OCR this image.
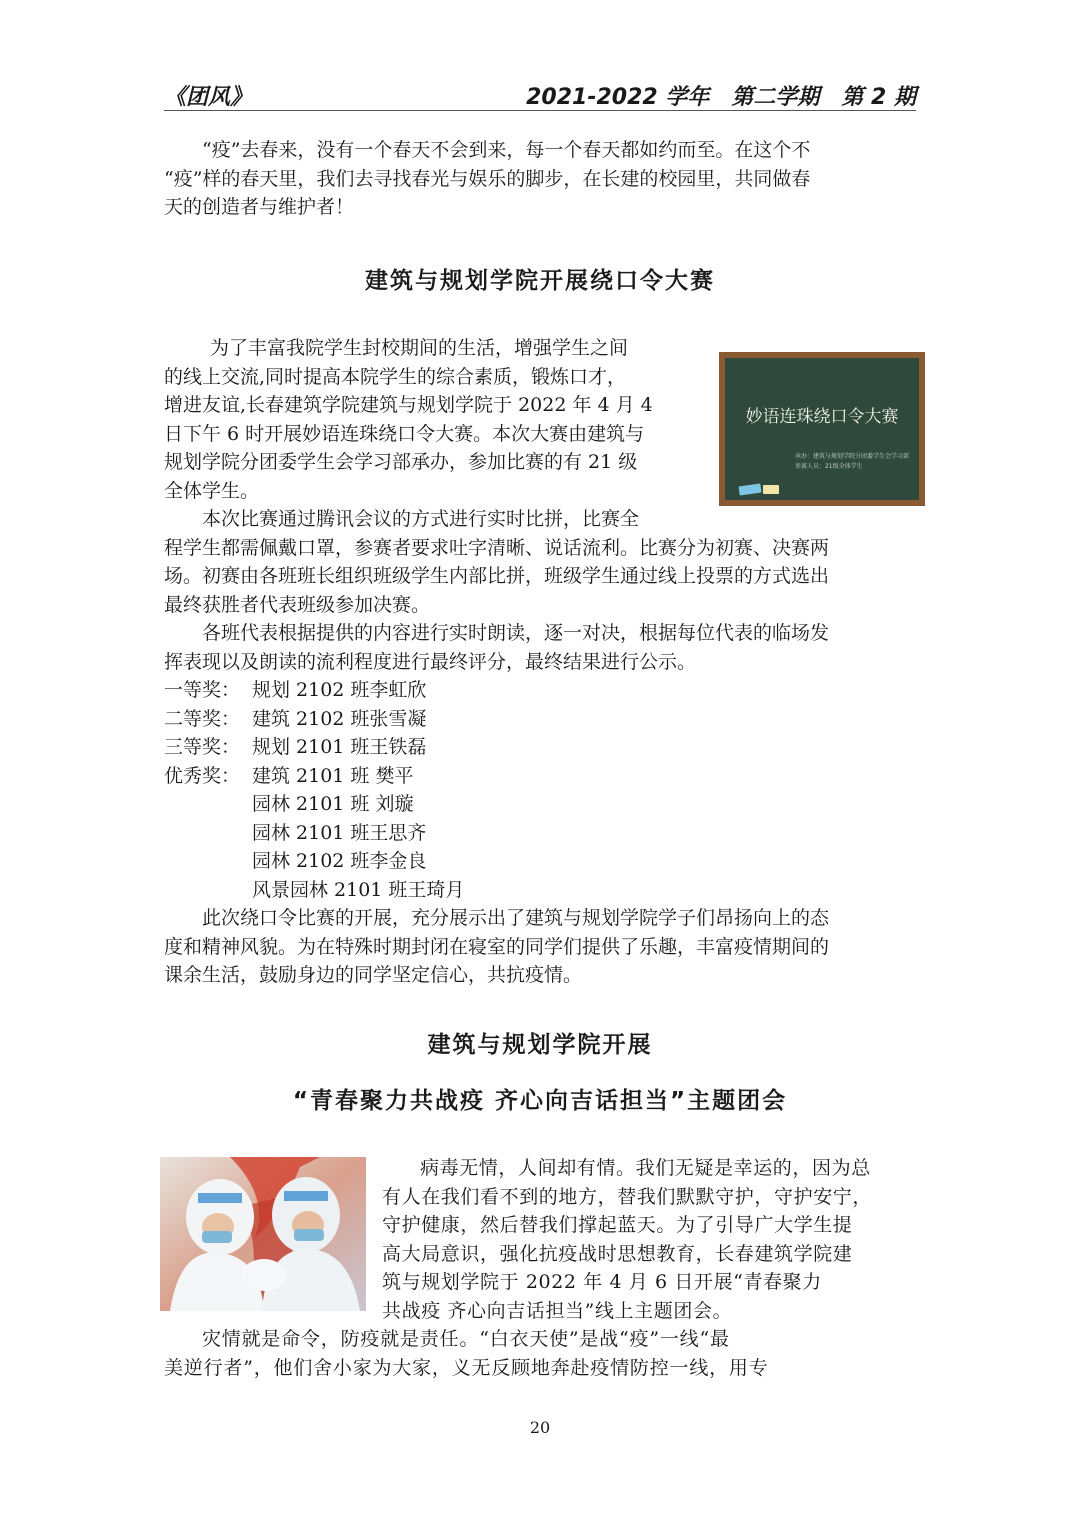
《团风》	2021-2022 学年　第二学期　第 2 期

“疫”去春来，没有一个春天不会到来，每一个春天都如约而至。在这个不

“疫”样的春天里，我们去寻找春光与娱乐的脚步，在长建的校园里，共同做春

天的创造者与维护者！

建筑与规划学院开展绕口令大赛

为了丰富我院学生封校期间的生活，增强学生之间

的线上交流,同时提高本院学生的综合素质，锻炼口才，

增进友谊,长春建筑学院建筑与规划学院于 2022 年 4 月 4

日下午 6 时开展妙语连珠绕口令大赛。本次大赛由建筑与

规划学院分团委学生会学习部承办，参加比赛的有 21 级

全体学生。

妙语连珠绕口令大赛
承办：建筑与规划学院分团委学生会学习部
参赛人员：21级全体学生

本次比赛通过腾讯会议的方式进行实时比拼，比赛全

程学生都需佩戴口罩，参赛者要求吐字清晰、说话流利。比赛分为初赛、决赛两

场。初赛由各班班长组织班级学生内部比拼，班级学生通过线上投票的方式选出

最终获胜者代表班级参加决赛。

各班代表根据提供的内容进行实时朗读，逐一对决，根据每位代表的临场发

挥表现以及朗读的流利程度进行最终评分，最终结果进行公示。

一等奖： 规划 2102 班李虹欣
二等奖： 建筑 2102 班张雪凝
三等奖： 规划 2101 班王铁磊
优秀奖： 建筑 2101 班 樊平
园林 2101 班 刘璇
园林 2101 班王思齐
园林 2102 班李金良
风景园林 2101 班王琦月

此次绕口令比赛的开展，充分展示出了建筑与规划学院学子们昂扬向上的态

度和精神风貌。为在特殊时期封闭在寝室的同学们提供了乐趣，丰富疫情期间的

课余生活，鼓励身边的同学坚定信心，共抗疫情。

建筑与规划学院开展
“青春聚力共战疫 齐心向吉话担当”主题团会

病毒无情，人间却有情。我们无疑是幸运的，因为总

有人在我们看不到的地方，替我们默默守护，守护安宁，

守护健康，然后替我们撑起蓝天。为了引导广大学生提

高大局意识，强化抗疫战时思想教育，长春建筑学院建

筑与规划学院于 2022 年 4 月 6 日开展“青春聚力

共战疫 齐心向吉话担当”线上主题团会。

灾情就是命令，防疫就是责任。“白衣天使”是战“疫”一线“最

美逆行者”，他们舍小家为大家，义无反顾地奔赴疫情防控一线，用专

20
